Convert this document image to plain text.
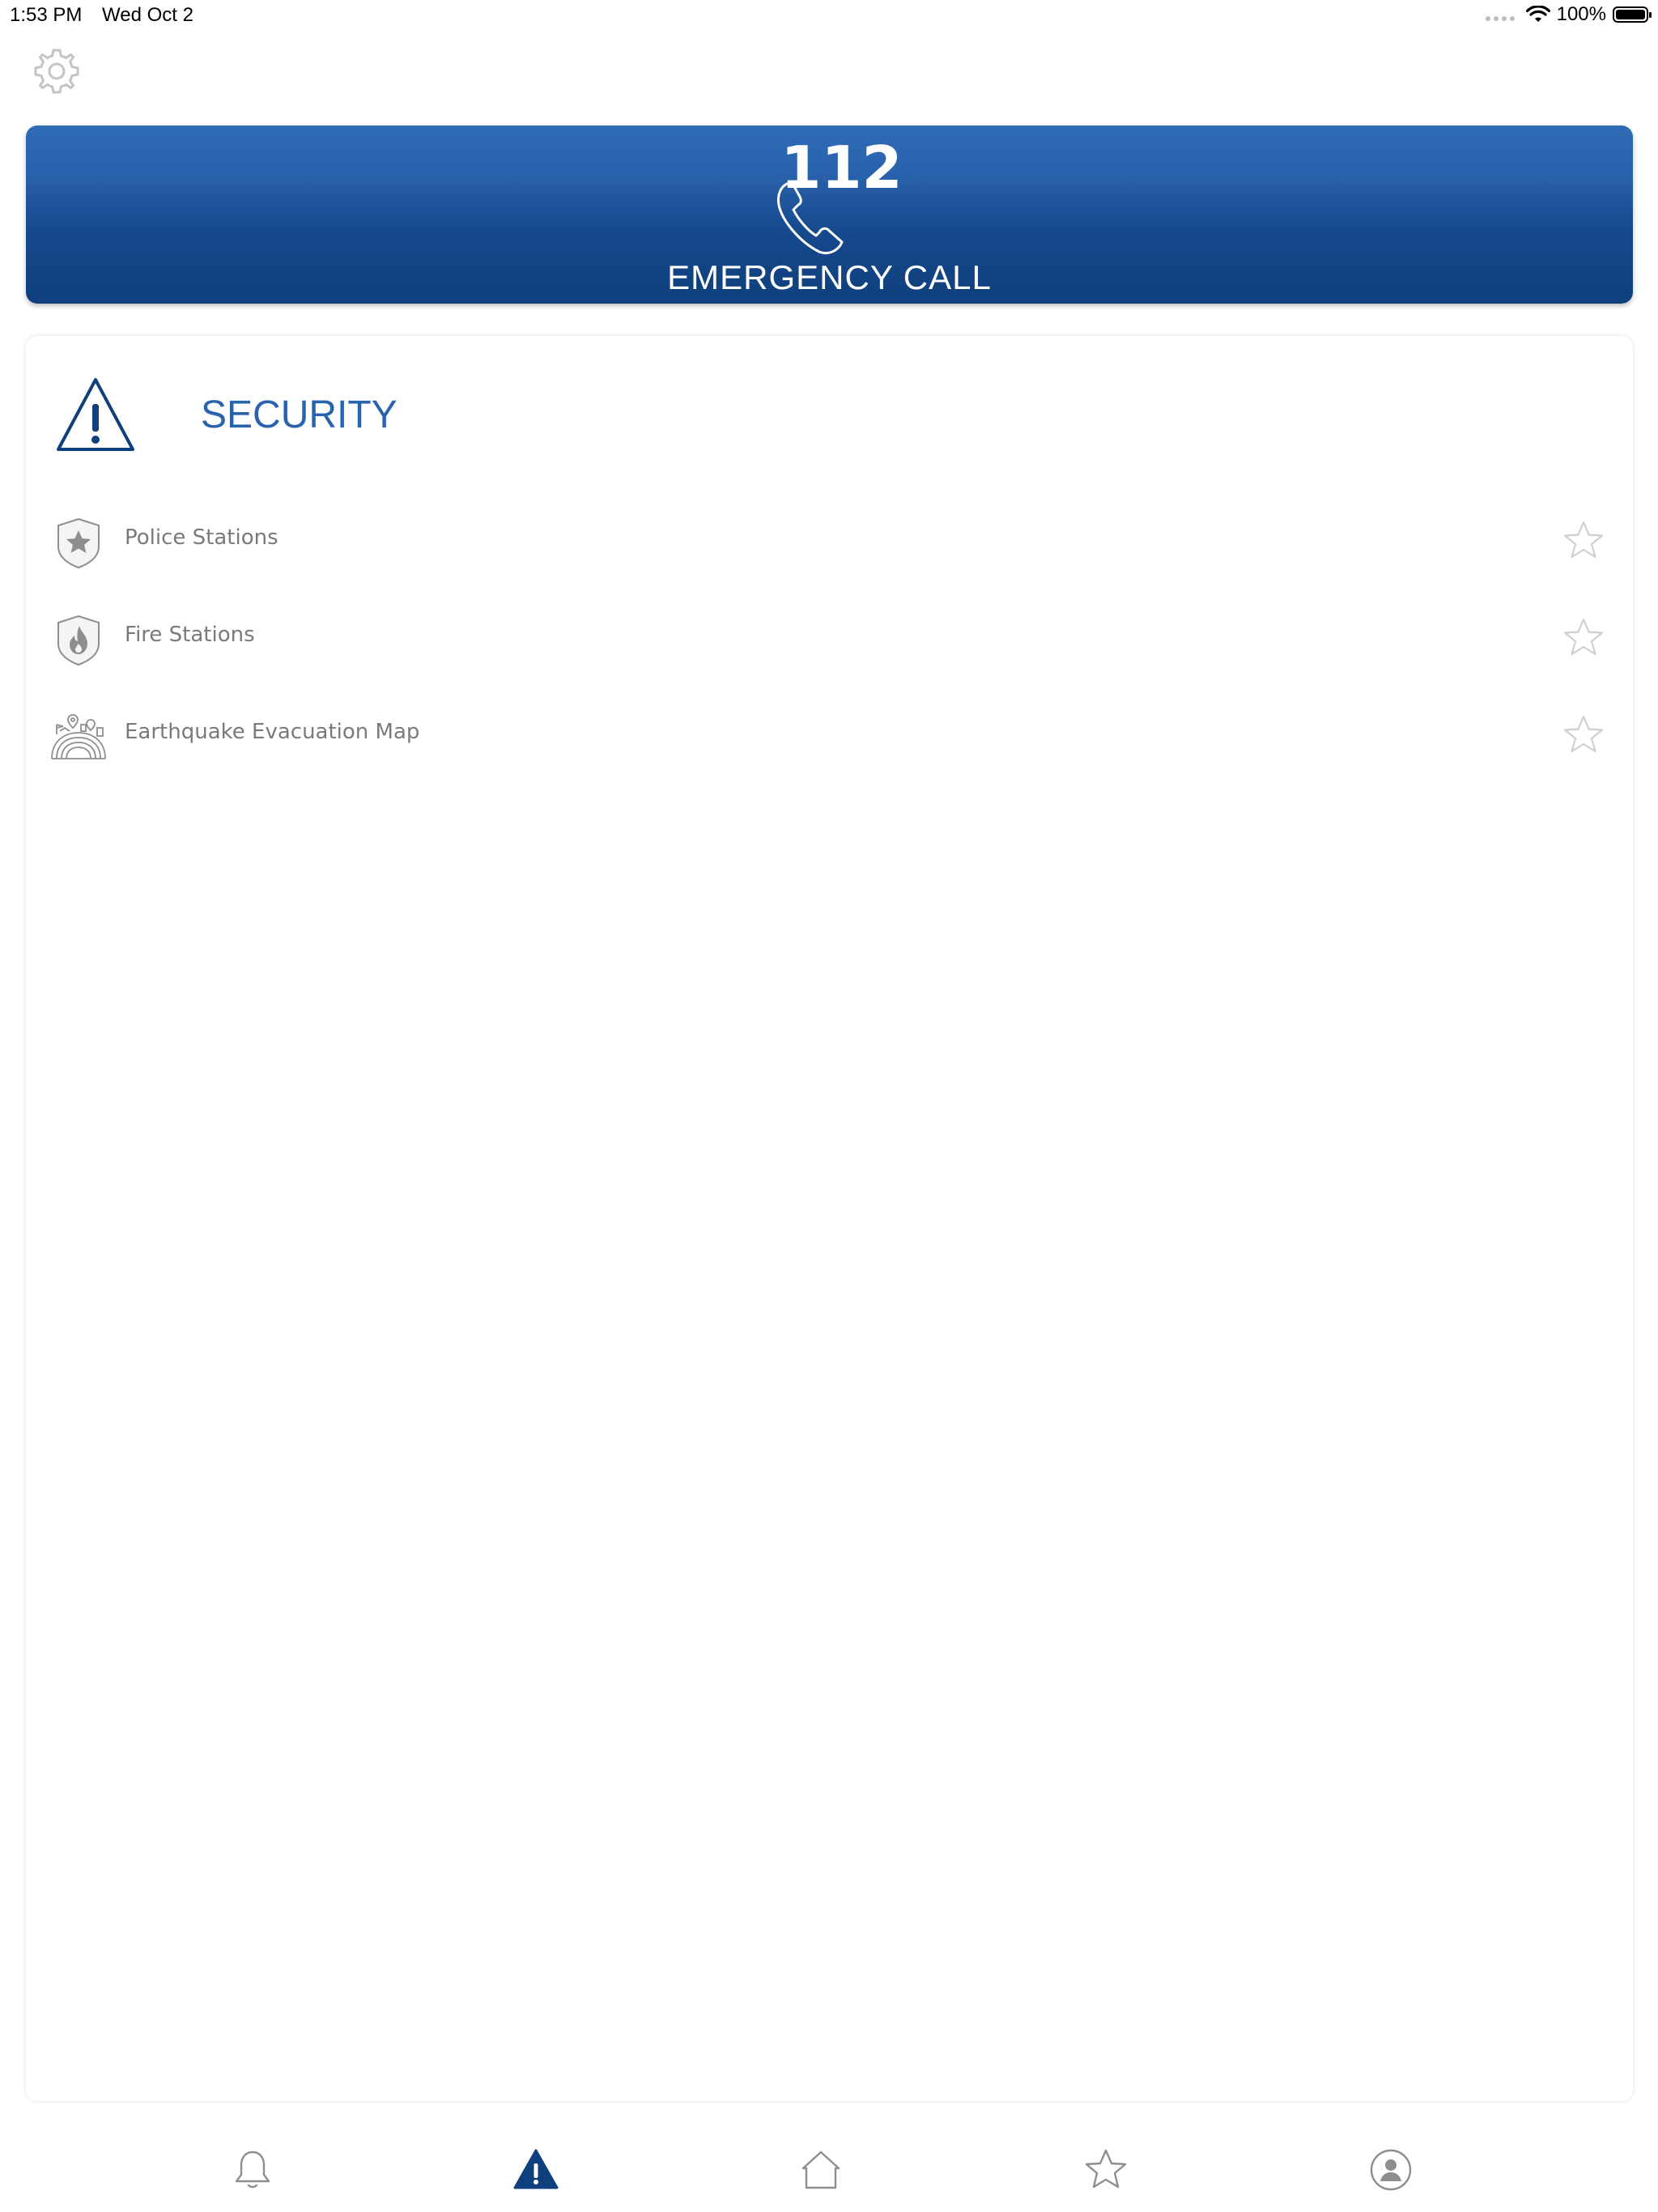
1:53 PM Wed Oct 2	100%
112
EMERGENCY CALL
SECURITY
Police Stations
Fire Stations
Earthquake Evacuation Map
